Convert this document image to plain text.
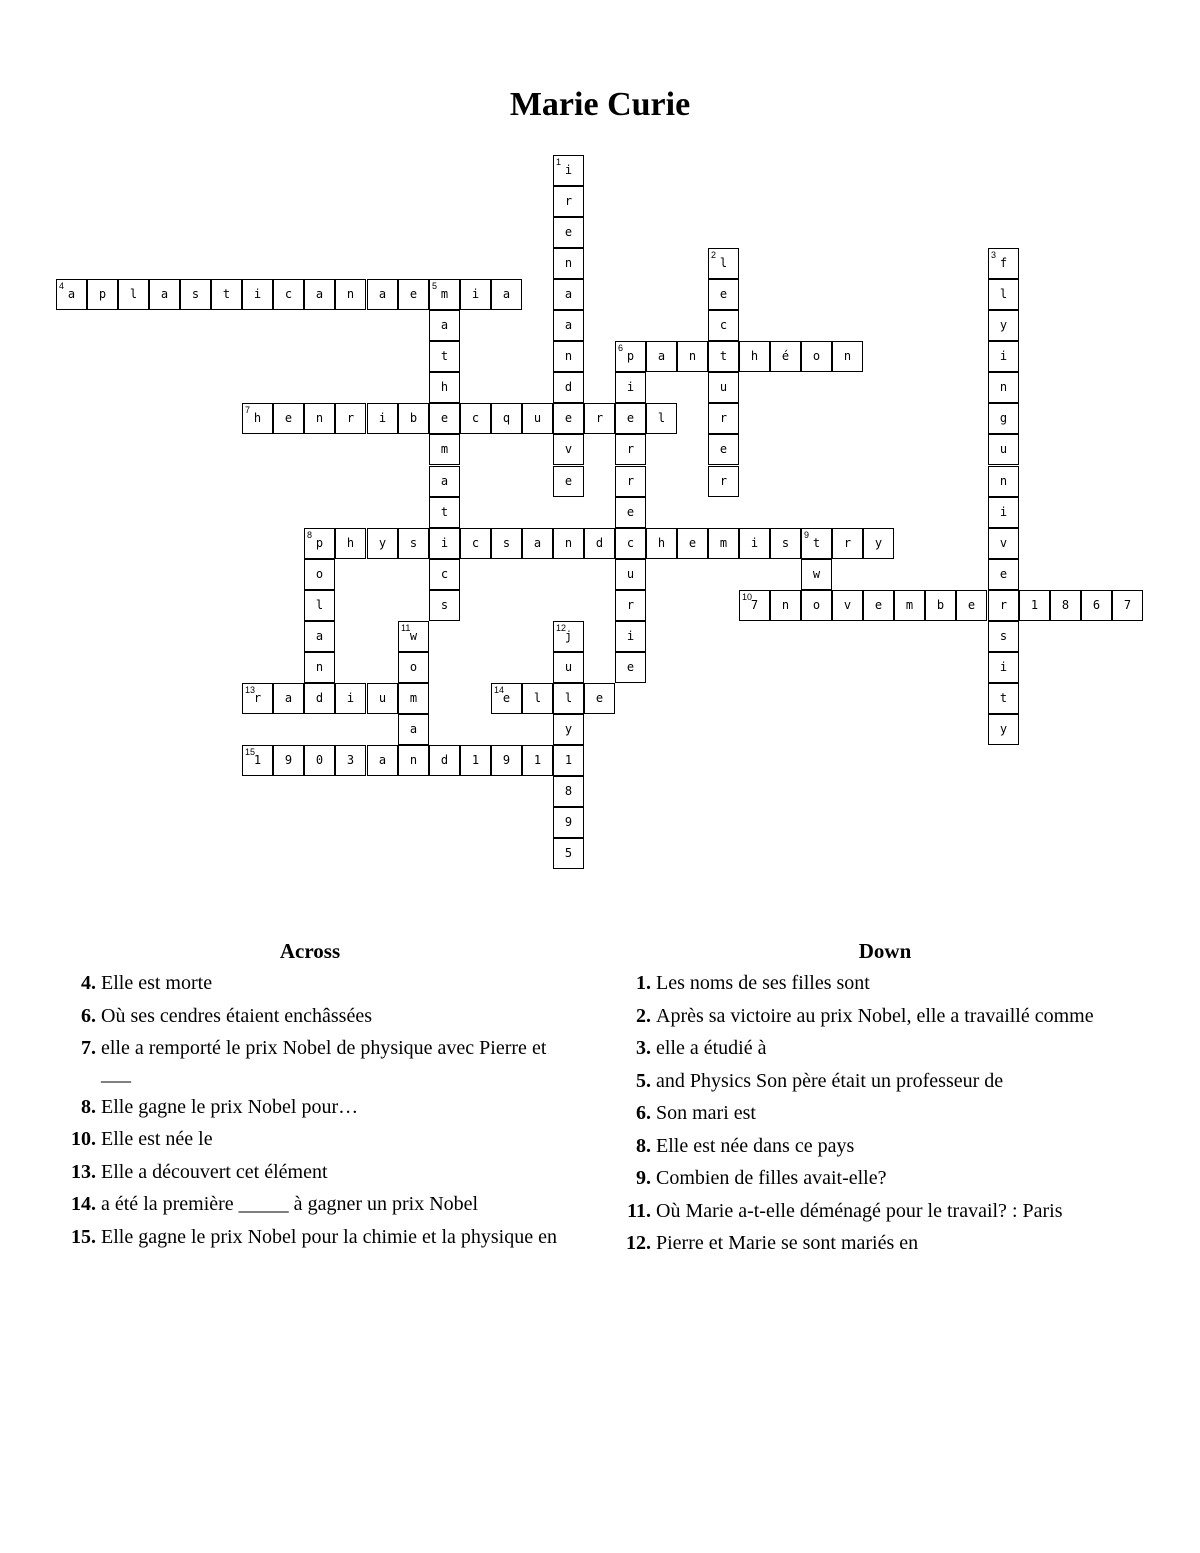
Marie Curie
i
1
r
e
n
a
a
n
d
e
v
e
l
2
e
c
t
u
r
e
r
f
3
l
y
i
n
g
u
n
i
v
e
r
s
i
t
y
a
4
p	l	a	s	t	i	c	a	n	a	e	m
5
i	a
a
t
h
e
m
a
t
i
c
s
p
6
a	n	h	é	o	n
i
e
r
r
e
c
u
r
i
e
h
7
e	n	r	i	b	c	q	u	r	l
p
8
h	y	s	c	s	a	n	d	h	e	m	i	s	t
9
r	y
o
l
a
n
d
w
o
7
10
n	v	e	m	b	e	1	8	6	7
w
11
o
m
a
n
j
12
u
l
y
1
8
9
5
r
13
a	i	u	e
14
l	e
1
15
9	0	3	a	d	1	9	1
Across
4. Elle est morte
6. Où ses cendres étaient enchâssées
7. elle a remporté le prix Nobel de physique avec Pierre et ___
8. Elle gagne le prix Nobel pour…
10. Elle est née le
13. Elle a découvert cet élément
14. a été la première _____ à gagner un prix Nobel
15. Elle gagne le prix Nobel pour la chimie et la physique en
Down
1. Les noms de ses filles sont
2. Après sa victoire au prix Nobel, elle a travaillé comme
3. elle a étudié à
5. and Physics Son père était un professeur de
6. Son mari est
8. Elle est née dans ce pays
9. Combien de filles avait-elle?
11. Où Marie a-t-elle déménagé pour le travail? : Paris
12. Pierre et Marie se sont mariés en
